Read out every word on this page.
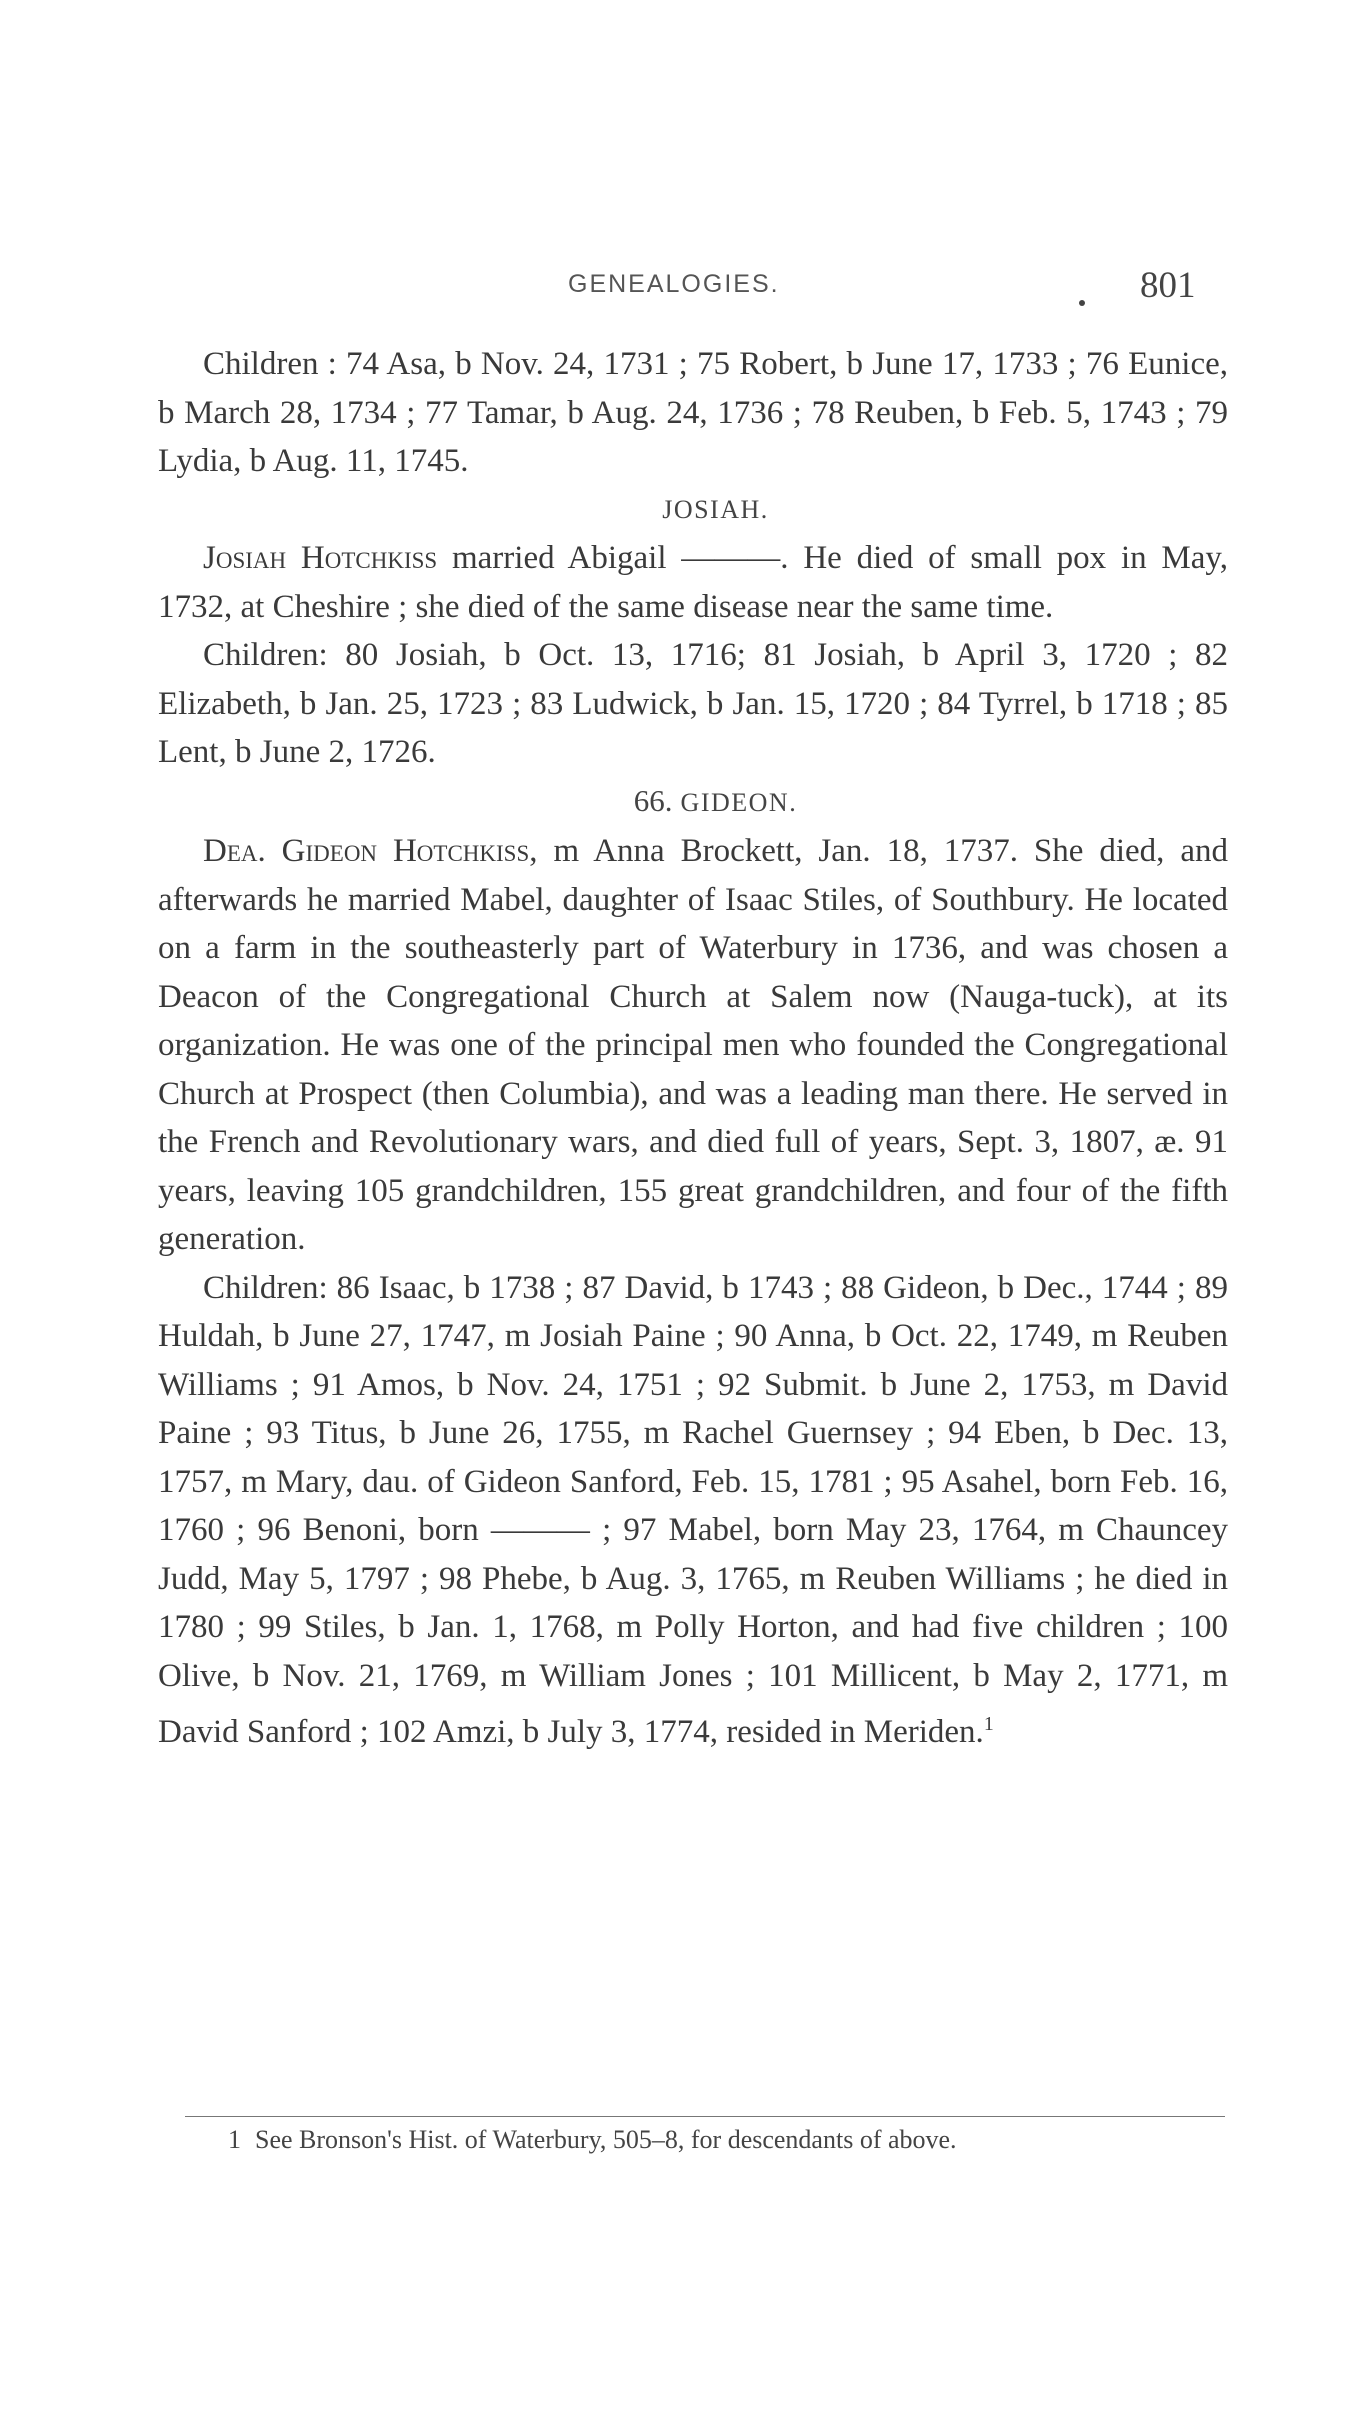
GENEALOGIES.	801

Children : 74 Asa, b Nov. 24, 1731 ; 75 Robert, b June 17, 1733 ; 76 Eunice, b March 28, 1734 ; 77 Tamar, b Aug. 24, 1736 ; 78 Reuben, b Feb. 5, 1743 ; 79 Lydia, b Aug. 11, 1745.

JOSIAH.

Josiah Hotchkiss married Abigail ———. He died of small pox in May, 1732, at Cheshire ; she died of the same disease near the same time.

Children: 80 Josiah, b Oct. 13, 1716; 81 Josiah, b April 3, 1720 ; 82 Elizabeth, b Jan. 25, 1723 ; 83 Ludwick, b Jan. 15, 1720 ; 84 Tyrrel, b 1718 ; 85 Lent, b June 2, 1726.

66. GIDEON.

Dea. Gideon Hotchkiss, m Anna Brockett, Jan. 18, 1737. She died, and afterwards he married Mabel, daughter of Isaac Stiles, of Southbury. He located on a farm in the southeasterly part of Waterbury in 1736, and was chosen a Deacon of the Congregational Church at Salem now (Nauga-tuck), at its organization. He was one of the principal men who founded the Congregational Church at Prospect (then Columbia), and was a leading man there. He served in the French and Revolutionary wars, and died full of years, Sept. 3, 1807, æ. 91 years, leaving 105 grandchildren, 155 great grandchildren, and four of the fifth generation.

Children: 86 Isaac, b 1738 ; 87 David, b 1743 ; 88 Gideon, b Dec., 1744 ; 89 Huldah, b June 27, 1747, m Josiah Paine ; 90 Anna, b Oct. 22, 1749, m Reuben Williams ; 91 Amos, b Nov. 24, 1751 ; 92 Submit. b June 2, 1753, m David Paine ; 93 Titus, b June 26, 1755, m Rachel Guernsey ; 94 Eben, b Dec. 13, 1757, m Mary, dau. of Gideon Sanford, Feb. 15, 1781 ; 95 Asahel, born Feb. 16, 1760 ; 96 Benoni, born ——— ; 97 Mabel, born May 23, 1764, m Chauncey Judd, May 5, 1797 ; 98 Phebe, b Aug. 3, 1765, m Reuben Williams ; he died in 1780 ; 99 Stiles, b Jan. 1, 1768, m Polly Horton, and had five children ; 100 Olive, b Nov. 21, 1769, m William Jones ; 101 Millicent, b May 2, 1771, m David Sanford ; 102 Amzi, b July 3, 1774, resided in Meriden.$^1$

1 See Bronson's Hist. of Waterbury, 505–8, for descendants of above.
